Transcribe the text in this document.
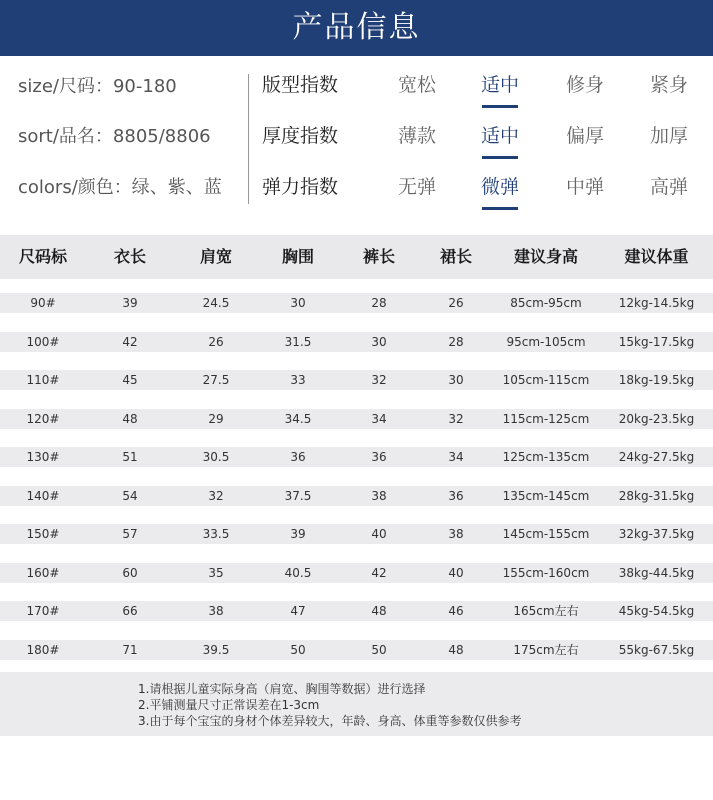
产品信息
size/尺码：90-180
sort/品名：8805/8806
colors/颜色：绿、紫、蓝
版型指数	宽松	适中	修身	紧身
厚度指数	薄款	适中	偏厚	加厚
弹力指数	无弹	微弹	中弹	高弹
尺码标	衣长	肩宽	胸围	裤长	裙长	建议身高	建议体重
90#	39	24.5	30	28	26	85cm-95cm	12kg-14.5kg
100#	42	26	31.5	30	28	95cm-105cm	15kg-17.5kg
110#	45	27.5	33	32	30	105cm-115cm	18kg-19.5kg
120#	48	29	34.5	34	32	115cm-125cm	20kg-23.5kg
130#	51	30.5	36	36	34	125cm-135cm	24kg-27.5kg
140#	54	32	37.5	38	36	135cm-145cm	28kg-31.5kg
150#	57	33.5	39	40	38	145cm-155cm	32kg-37.5kg
160#	60	35	40.5	42	40	155cm-160cm	38kg-44.5kg
170#	66	38	47	48	46	165cm左右	45kg-54.5kg
180#	71	39.5	50	50	48	175cm左右	55kg-67.5kg
1.请根据儿童实际身高（肩宽、胸围等数据）进行选择
2.平铺测量尺寸正常误差在1-3cm
3.由于每个宝宝的身材个体差异较大，年龄、身高、体重等参数仅供参考
